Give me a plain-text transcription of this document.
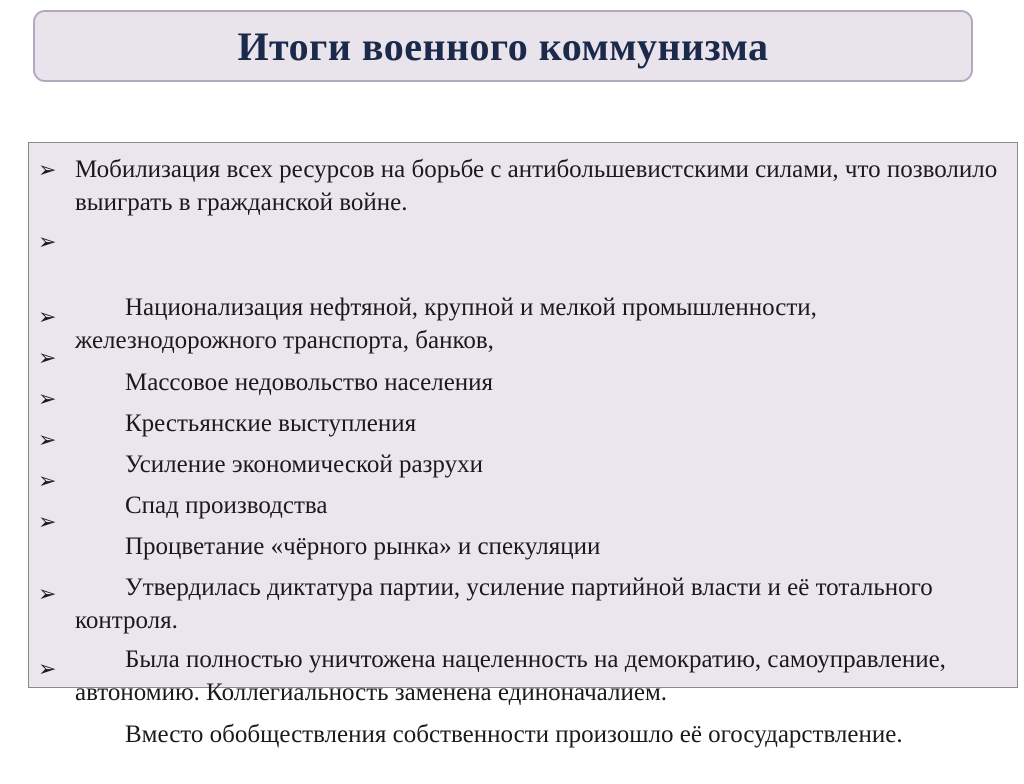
Итоги военного коммунизма
➢ Мобилизация всех ресурсов на борьбе с антибольшевистскими силами, что позволило выиграть в гражданской войне.

➢

Национализация нефтяной, крупной и мелкой промышленности, железнодорожного транспорта, банков,

➢

Массовое недовольство населения

➢

Крестьянские выступления

➢

Усиление экономической разрухи

➢

Спад производства

➢

Процветание «чёрного рынка» и спекуляции

➢

Утвердилась диктатура партии, усиление партийной власти и её тотального    контроля.

➢

Была полностью уничтожена нацеленность на демократию, самоуправление, автономию. Коллегиальность заменена единоначалием.

➢

Вместо обобществления собственности произошло её огосударствление.
